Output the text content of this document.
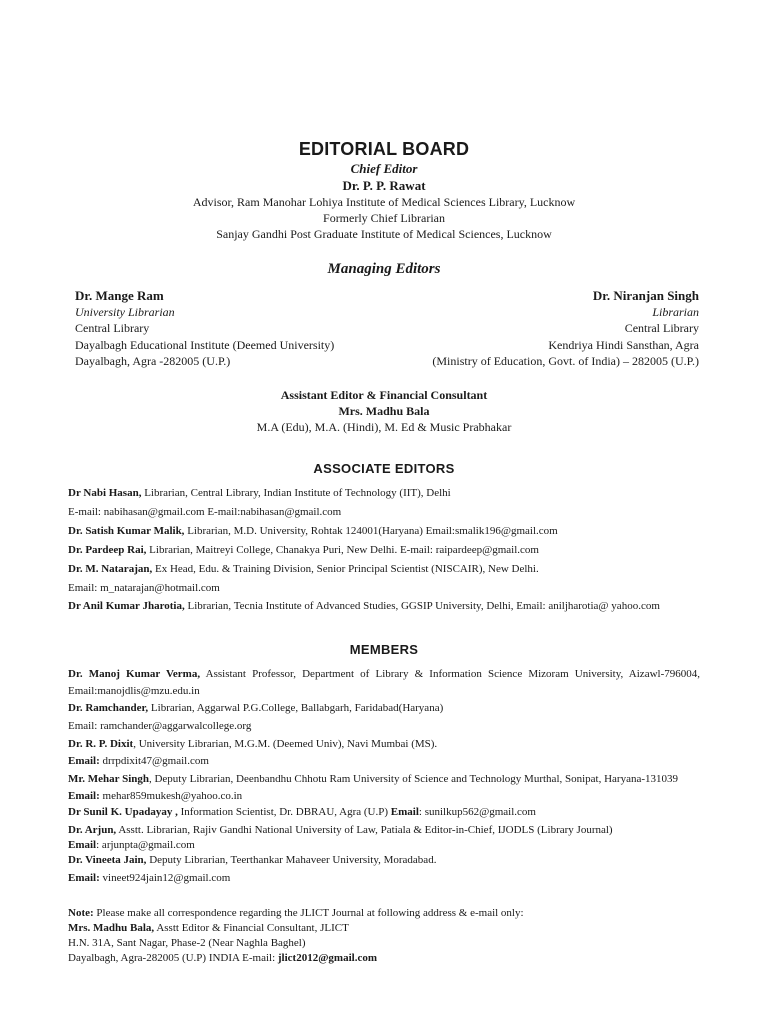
EDITORIAL BOARD
Chief Editor
Dr. P. P. Rawat
Advisor, Ram Manohar Lohiya Institute of Medical Sciences Library, Lucknow
Formerly Chief Librarian
Sanjay Gandhi Post Graduate Institute of Medical Sciences, Lucknow
Managing Editors
Dr. Mange Ram
University Librarian
Central Library
Dayalbagh Educational Institute (Deemed University)
Dayalbagh, Agra -282005 (U.P.)
Dr. Niranjan Singh
Librarian
Central Library
Kendriya Hindi Sansthan, Agra
(Ministry of Education, Govt. of India) – 282005 (U.P.)
Assistant Editor & Financial Consultant
Mrs. Madhu Bala
M.A (Edu), M.A. (Hindi), M. Ed & Music Prabhakar
ASSOCIATE EDITORS
Dr Nabi Hasan, Librarian, Central Library, Indian Institute of Technology (IIT), Delhi
E-mail: nabihasan@gmail.com E-mail:nabihasan@gmail.com
Dr. Satish Kumar Malik, Librarian, M.D. University, Rohtak 124001(Haryana) Email:smalik196@gmail.com
Dr. Pardeep Rai, Librarian, Maitreyi College, Chanakya Puri, New Delhi. E-mail: raipardeep@gmail.com
Dr. M. Natarajan, Ex Head, Edu. & Training Division, Senior Principal Scientist (NISCAIR), New Delhi.
Email: m_natarajan@hotmail.com
Dr Anil Kumar Jharotia, Librarian, Tecnia Institute of Advanced Studies, GGSIP University, Delhi, Email: aniljharotia@ yahoo.com
MEMBERS
Dr. Manoj Kumar Verma, Assistant Professor, Department of Library & Information Science Mizoram University, Aizawl-796004, Email:manojdlis@mzu.edu.in
Dr. Ramchander, Librarian, Aggarwal P.G.College, Ballabgarh, Faridabad(Haryana)
Email: ramchander@aggarwalcollege.org
Dr. R. P. Dixit, University Librarian, M.G.M. (Deemed Univ), Navi Mumbai (MS).
Email: drrpdixit47@gmail.com
Mr. Mehar Singh, Deputy Librarian, Deenbandhu Chhotu Ram University of Science and Technology Murthal, Sonipat, Haryana-131039 Email: mehar859mukesh@yahoo.co.in
Dr Sunil K. Upadayay , Information Scientist, Dr. DBRAU, Agra (U.P) Email: sunilkup562@gmail.com
Dr. Arjun, Asstt. Librarian, Rajiv Gandhi National University of Law, Patiala & Editor-in-Chief, IJODLS (Library Journal)
Email: arjunpta@gmail.com
Dr. Vineeta Jain, Deputy Librarian, Teerthankar Mahaveer University, Moradabad.
Email: vineet924jain12@gmail.com
Note: Please make all correspondence regarding the JLICT Journal at following address & e-mail only:
Mrs. Madhu Bala, Asstt Editor & Financial Consultant, JLICT
H.N. 31A, Sant Nagar, Phase-2 (Near Naghla Baghel)
Dayalbagh, Agra-282005 (U.P) INDIA E-mail: jlict2012@gmail.com
